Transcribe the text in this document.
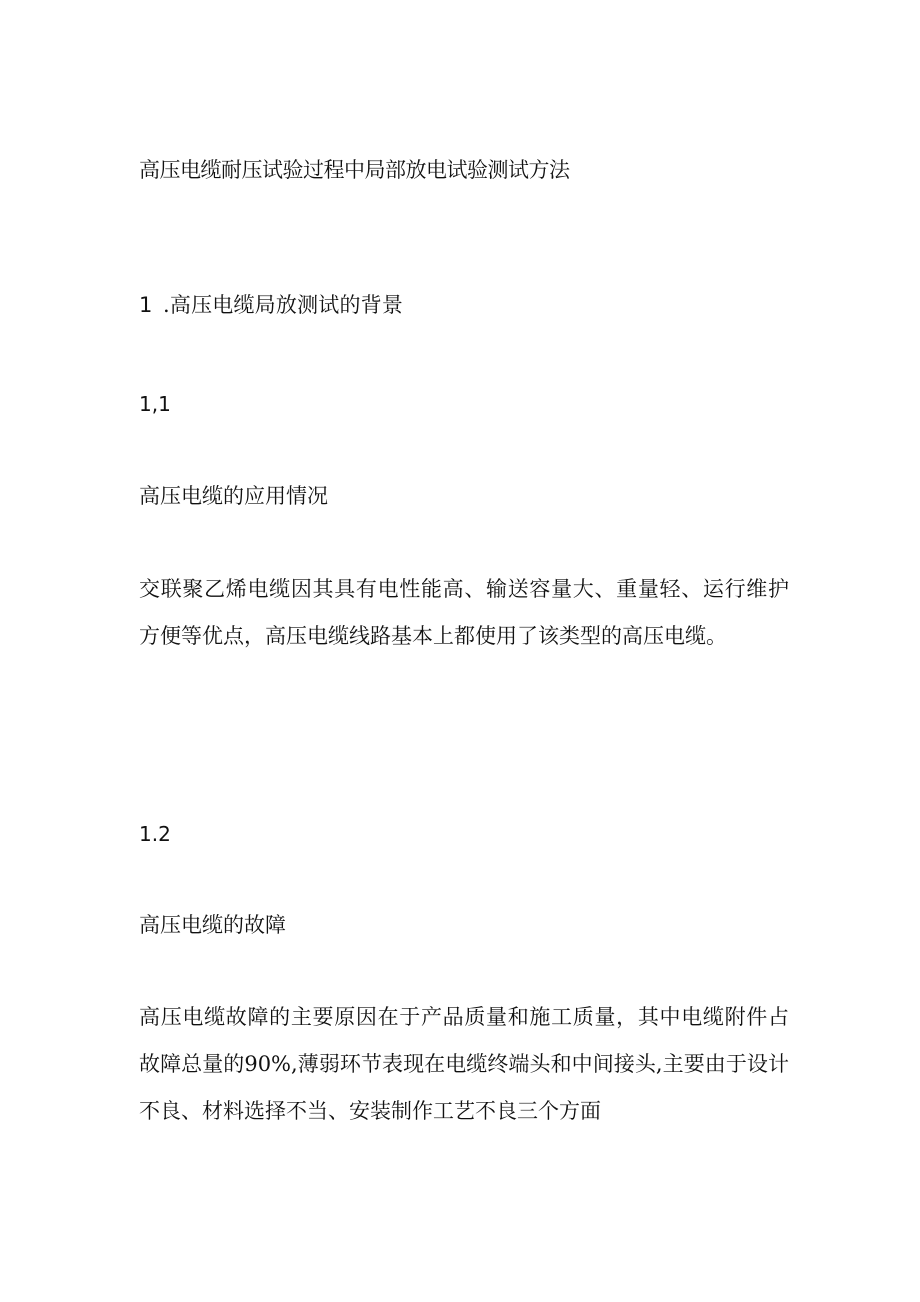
高压电缆耐压试验过程中局部放电试验测试方法
1 .高压电缆局放测试的背景
1,1
高压电缆的应用情况

交联聚乙烯电缆因其具有电性能高、输送容量大、重量轻、运行维护方便等优点，高压电缆线路基本上都使用了该类型的高压电缆。

1.2
高压电缆的故障

高压电缆故障的主要原因在于产品质量和施工质量，其中电缆附件占故障总量的90%,薄弱环节表现在电缆终端头和中间接头,主要由于设计不良、材料选择不当、安装制作工艺不良三个方面
